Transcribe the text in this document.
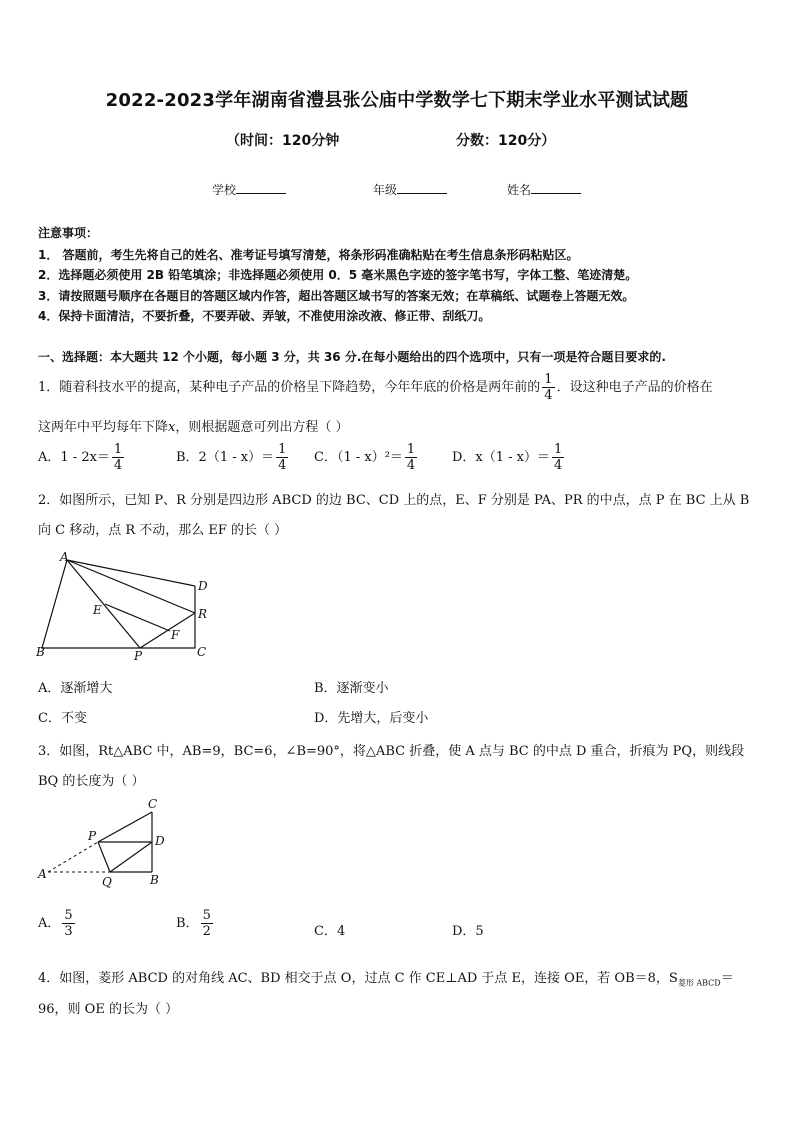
2022-2023学年湖南省澧县张公庙中学数学七下期末学业水平测试试题
（时间：120分钟	分数：120分）
学校	年级	姓名
注意事项：
1． 答题前，考生先将自己的姓名、准考证号填写清楚，将条形码准确粘贴在考生信息条形码粘贴区。
2．选择题必须使用 2B 铅笔填涂；非选择题必须使用 0．5 毫米黑色字迹的签字笔书写，字体工整、笔迹清楚。
3．请按照题号顺序在各题目的答题区域内作答，超出答题区域书写的答案无效；在草稿纸、试题卷上答题无效。
4．保持卡面清洁，不要折叠，不要弄破、弄皱，不准使用涂改液、修正带、刮纸刀。
一、选择题：本大题共 12 个小题，每小题 3 分，共 36 分.在每小题给出的四个选项中，只有一项是符合题目要求的.
1．随着科技水平的提高，某种电子产品的价格呈下降趋势，今年年底的价格是两年前的 $\frac{1}{4}$ ．设这种电子产品的价格在
这两年中平均每年下降x，则根据题意可列出方程（ ）
A．$1 - 2x= \frac{1}{4}$	B．$2(1 - x)= \frac{1}{4}$ C．$(1 - x)^2= \frac{1}{4}$	D．$x(1 - x)= \frac{1}{4}$
2．如图所示，已知 P、R 分别是四边形 ABCD 的边 BC、CD 上的点，E、F 分别是 PA、PR 的中点，点 P 在 BC 上从 B
向 C 移动，点 R 不动，那么 EF 的长（ ）
A
D
E	R
F
B	P	C
A．逐渐增大	B．逐渐变小
C．不变	D．先增大，后变小
3．如图，Rt△ABC 中，AB=9，BC=6，∠B=90°，将△ABC 折叠，使 A 点与 BC 的中点 D 重合，折痕为 PQ，则线段
BQ 的长度为（ ）
C
P	D
A
Q	B
A． $\frac{5}{3}$	B． $\frac{5}{2}$	C．4	D．5
4．如图，菱形 ABCD 的对角线 AC、BD 相交于点 O，过点 C 作 CE⊥AD 于点 E，连接 OE，若 OB＝8，$S_{菱形 ABCD}=$
96，则 OE 的长为（ ）
